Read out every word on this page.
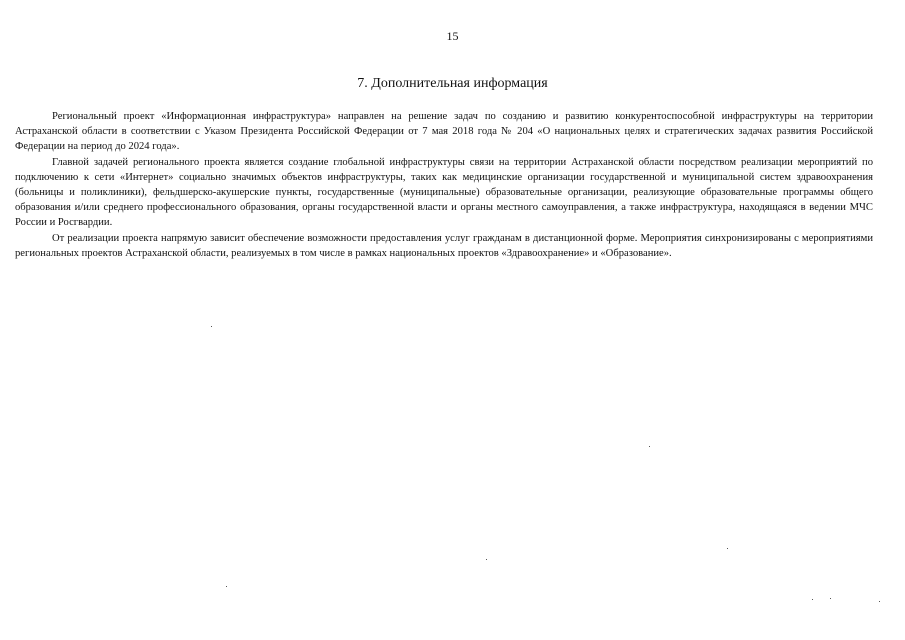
15
7. Дополнительная информация

Региональный проект «Информационная инфраструктура» направлен на решение задач по созданию и развитию конкурентоспособной инфраструктуры на территории Астраханской области в соответствии с Указом Президента Российской Федерации от 7 мая 2018 года № 204 «О национальных целях и стратегических задачах развития Российской Федерации на период до 2024 года».

Главной задачей регионального проекта является создание глобальной инфраструктуры связи на территории Астраханской области посредством реализации мероприятий по подключению к сети «Интернет» социально значимых объектов инфраструктуры, таких как медицинские организации государственной и муниципальной систем здравоохранения (больницы и поликлиники), фельдшерско-акушерские пункты, государственные (муниципальные) образовательные организации, реализующие образовательные программы общего образования и/или среднего профессионального образования, органы государственной власти и органы местного самоуправления, а также инфраструктура, находящаяся в ведении МЧС России и Росгвардии.

От реализации проекта напрямую зависит обеспечение возможности предоставления услуг гражданам в дистанционной форме. Мероприятия синхронизированы с мероприятиями региональных проектов Астраханской области, реализуемых в том числе в рамках национальных проектов «Здравоохранение» и «Образование».
